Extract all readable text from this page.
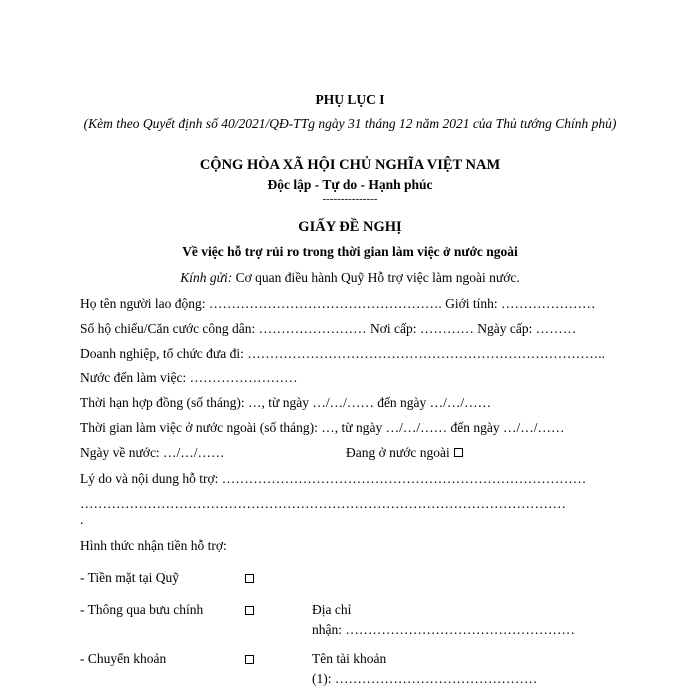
PHỤ LỤC I
(Kèm theo Quyết định số 40/2021/QĐ-TTg ngày 31 tháng 12 năm 2021 của Thủ tướng Chính phủ)
CỘNG HÒA XÃ HỘI CHỦ NGHĨA VIỆT NAM
Độc lập - Tự do - Hạnh phúc
---------------
GIẤY ĐỀ NGHỊ
Về việc hỗ trợ rủi ro trong thời gian làm việc ở nước ngoài
Kính gửi: Cơ quan điều hành Quỹ Hỗ trợ việc làm ngoài nước.
Họ tên người lao động: ……………………………………………. Giới tính: …………………
Số hộ chiếu/Căn cước công dân: …………………… Nơi cấp: ………… Ngày cấp: ………
Doanh nghiệp, tổ chức đưa đi: ……………………………………………………………………..
Nước đến làm việc: ……………………
Thời hạn hợp đồng (số tháng): …, từ ngày …/…/…… đến ngày …/…/……
Thời gian làm việc ở nước ngoài (số tháng): …, từ ngày …/…/…… đến ngày …/…/……
Ngày về nước: …/…/……	Đang ở nước ngoài
Lý do và nội dung hỗ trợ: ………………………………………………………………………
………………………………………………………………………………………………
.
Hình thức nhận tiền hỗ trợ:
- Tiền mặt tại Quỹ
- Thông qua bưu chính	Địa chỉ
nhận: ……………………………………………
- Chuyển khoản	Tên tài khoản
(1): ………………………………………
